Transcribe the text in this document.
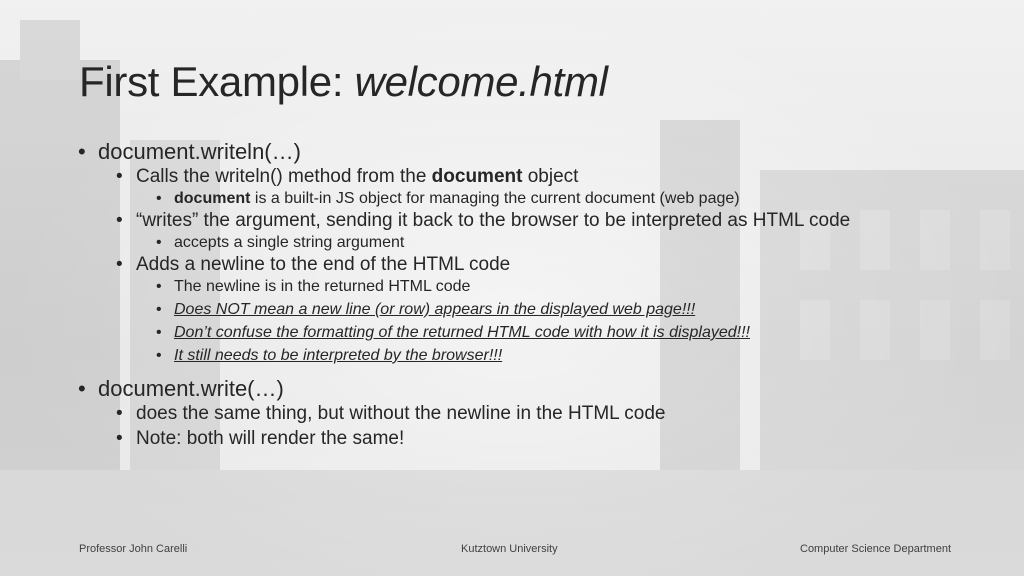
First Example: welcome.html
• document.writeln(…)
• Calls the writeln() method from the document object
• document is a built-in JS object for managing the current document (web page)
• “writes” the argument, sending it back to the browser to be interpreted as HTML code
• accepts a single string argument
• Adds a newline to the end of the HTML code
• The newline is in the returned HTML code
• Does NOT mean a new line (or row) appears in the displayed web page!!!
• Don’t confuse the formatting of the returned HTML code with how it is displayed!!!
• It still needs to be interpreted by the browser!!!
• document.write(…)
• does the same thing, but without the newline in the HTML code
• Note: both will render the same!
Professor John Carelli	Kutztown University	Computer Science Department
